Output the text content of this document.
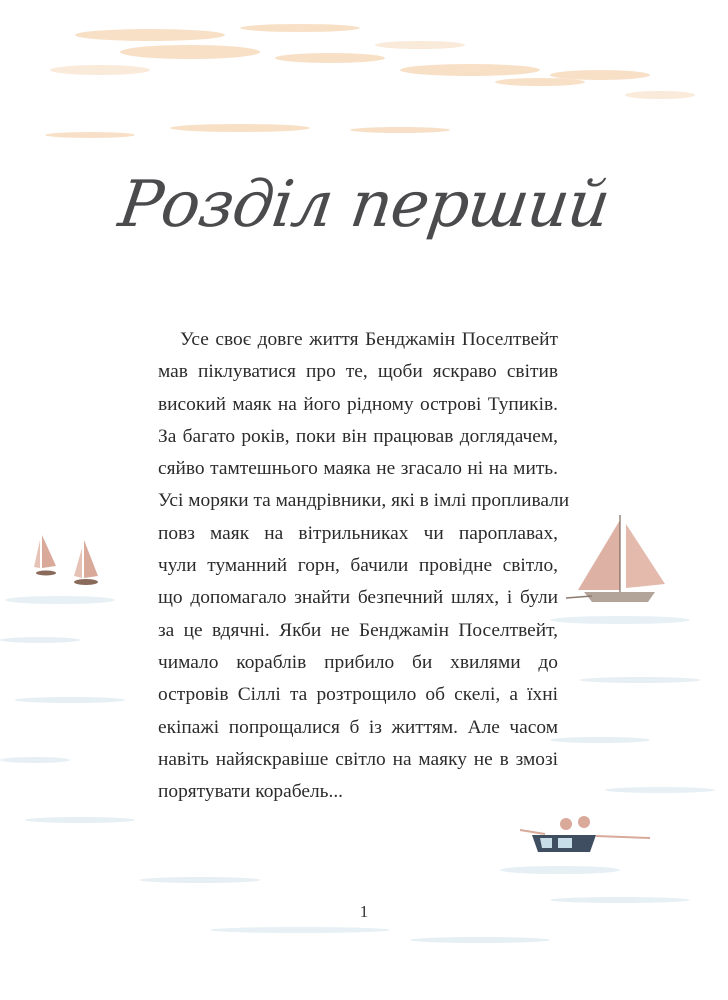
Розділ перший
Усе своє довге життя Бенджамін Поселтвейт
мав піклуватися про те, щоби яскраво світив
високий маяк на його рідному острові Тупиків.
За багато років, поки він працював доглядачем,
сяйво тамтешнього маяка не згасало ні на мить.
Усі моряки та мандрівники, які в імлі пропливали
повз маяк на вітрильниках чи пароплавах,
чули туманний горн, бачили провідне світло,
що допомагало знайти безпечний шлях, і були
за це вдячні. Якби не Бенджамін Поселтвейт,
чимало кораблів прибило би хвилями до
островів Сіллі та розтрощило об скелі, а їхні
екіпажі попрощалися б із життям. Але часом
навіть найяскравіше світло на маяку не в змозі
порятувати корабель...
1
